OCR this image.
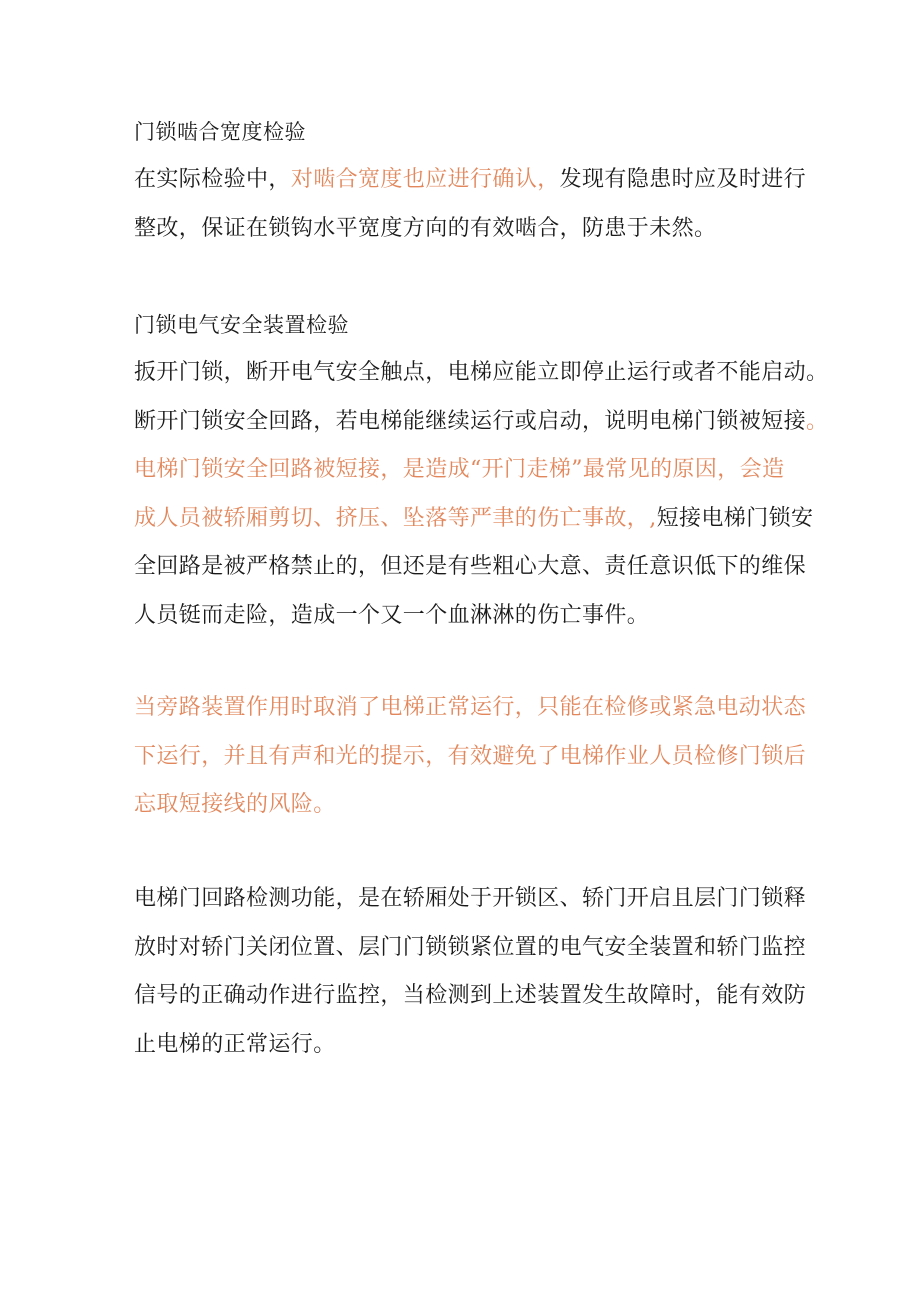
门锁啮合宽度检验
在实际检验中，对啮合宽度也应进行确认，发现有隐患时应及时进行
整改，保证在锁钩水平宽度方向的有效啮合，防患于未然。
门锁电气安全装置检验
扳开门锁，断开电气安全触点，电梯应能立即停止运行或者不能启动。
断开门锁安全回路，若电梯能继续运行或启动，说明电梯门锁被短接。
电梯门锁安全回路被短接，是造成“开门走梯”最常见的原因，会造
成人员被轿厢剪切、挤压、坠落等严聿的伤亡事故，,短接电梯门锁安
全回路是被严格禁止的，但还是有些粗心大意、责任意识低下的维保
人员铤而走险，造成一个又一个血淋淋的伤亡事件。
当旁路装置作用时取消了电梯正常运行，只能在检修或紧急电动状态
下运行，并且有声和光的提示，有效避免了电梯作业人员检修门锁后
忘取短接线的风险。
电梯门回路检测功能，是在轿厢处于开锁区、轿门开启且层门门锁释
放时对轿门关闭位置、层门门锁锁紧位置的电气安全装置和轿门监控
信号的正确动作进行监控，当检测到上述装置发生故障时，能有效防
止电梯的正常运行。
